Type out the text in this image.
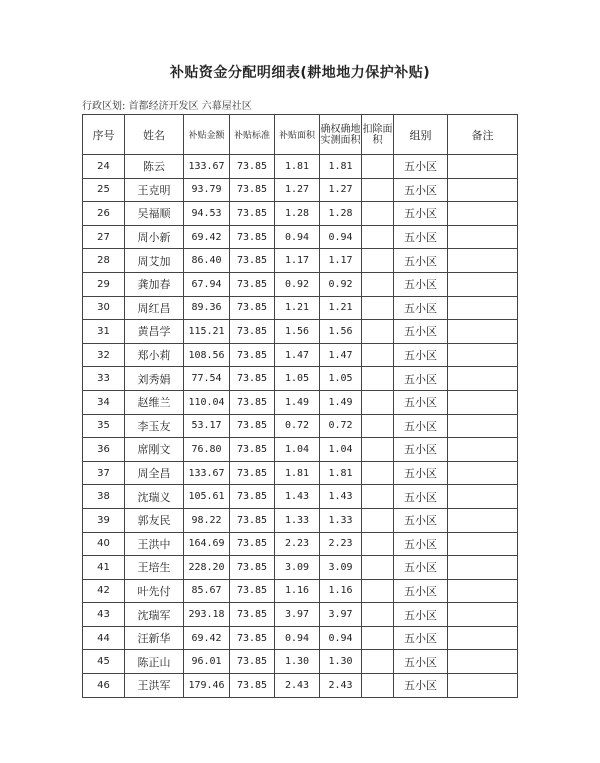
补贴资金分配明细表(耕地地力保护补贴)
行政区划: 首都经济开发区 六幕屋社区
序号	姓名	补贴金额	补贴标准	补贴面积	确权确地实测面积	扣除面积	组别	备注
24	陈云	133.67	73.85	1.81	1.81		五小区	
25	王克明	93.79	73.85	1.27	1.27		五小区	
26	吴福顺	94.53	73.85	1.28	1.28		五小区	
27	周小新	69.42	73.85	0.94	0.94		五小区	
28	周艾加	86.40	73.85	1.17	1.17		五小区	
29	龚加春	67.94	73.85	0.92	0.92		五小区	
30	周红昌	89.36	73.85	1.21	1.21		五小区	
31	黄昌学	115.21	73.85	1.56	1.56		五小区	
32	郑小莉	108.56	73.85	1.47	1.47		五小区	
33	刘秀娟	77.54	73.85	1.05	1.05		五小区	
34	赵维兰	110.04	73.85	1.49	1.49		五小区	
35	李玉友	53.17	73.85	0.72	0.72		五小区	
36	席刚文	76.80	73.85	1.04	1.04		五小区	
37	周全昌	133.67	73.85	1.81	1.81		五小区	
38	沈瑞义	105.61	73.85	1.43	1.43		五小区	
39	郭友民	98.22	73.85	1.33	1.33		五小区	
40	王洪中	164.69	73.85	2.23	2.23		五小区	
41	王培生	228.20	73.85	3.09	3.09		五小区	
42	叶先付	85.67	73.85	1.16	1.16		五小区	
43	沈瑞军	293.18	73.85	3.97	3.97		五小区	
44	汪新华	69.42	73.85	0.94	0.94		五小区	
45	陈正山	96.01	73.85	1.30	1.30		五小区	
46	王洪军	179.46	73.85	2.43	2.43		五小区	
